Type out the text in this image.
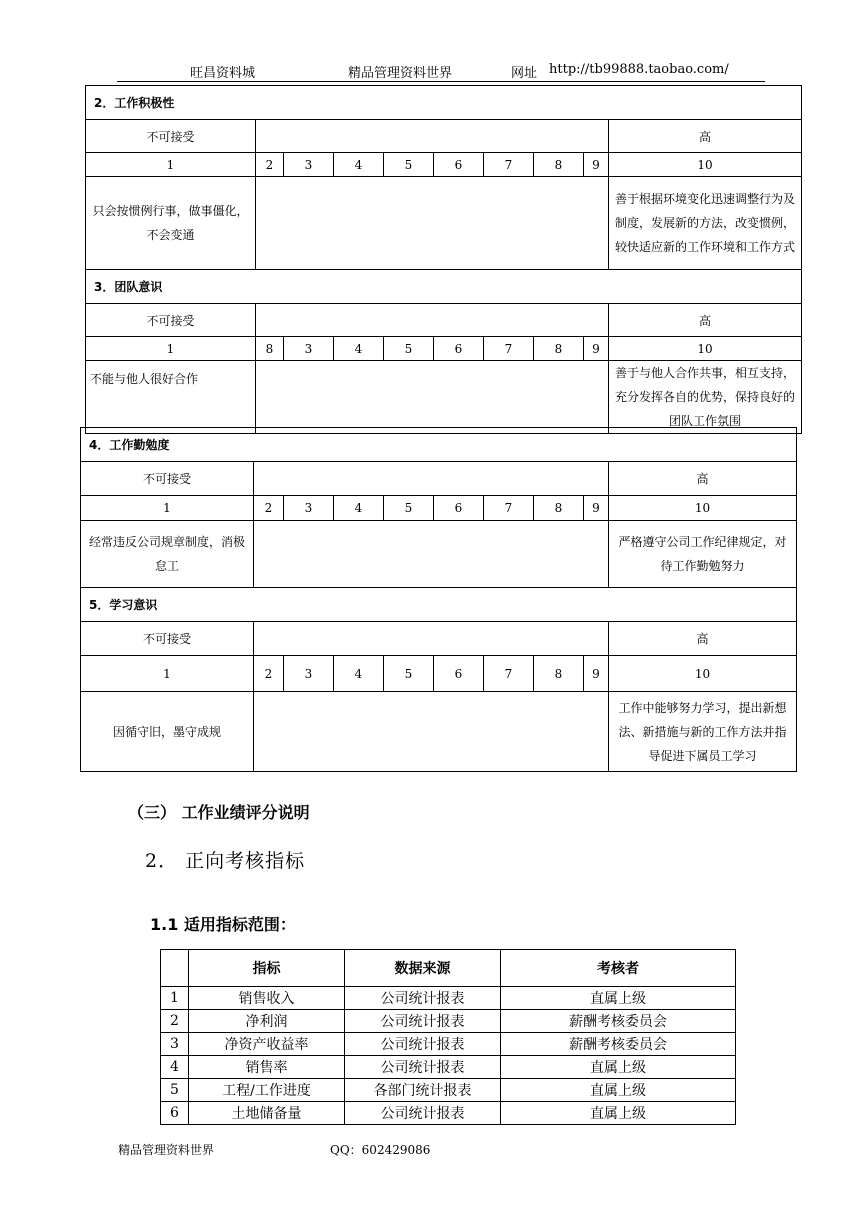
旺昌资料城	精品管理资料世界	网址 http://tb99888.taobao.com/
2．工作积极性									
不可接受									高
1	2	3	4	5	6	7	8	9	10
只会按惯例行事，做事僵化，不会变通									善于根据环境变化迅速调整行为及制度，发展新的方法，改变惯例，较快适应新的工作环境和工作方式
3．团队意识									
不可接受									高
1	8	3	4	5	6	7	8	9	10
不能与他人很好合作									善于与他人合作共事，相互支持，充分发挥各自的优势，保持良好的团队工作氛围
4．工作勤勉度									
不可接受									高
1	2	3	4	5	6	7	8	9	10
经常违反公司规章制度，消极怠工									严格遵守公司工作纪律规定，对待工作勤勉努力
5．学习意识									
不可接受									高
1	2	3	4	5	6	7	8	9	10
因循守旧，墨守成规									工作中能够努力学习，提出新想法、新措施与新的工作方法并指导促进下属员工学习
（三） 工作业绩评分说明
2． 正向考核指标
1.1 适用指标范围：
	指标	数据来源	考核者
1	销售收入	公司统计报表	直属上级
2	净利润	公司统计报表	薪酬考核委员会
3	净资产收益率	公司统计报表	薪酬考核委员会
4	销售率	公司统计报表	直属上级
5	工程/工作进度	各部门统计报表	直属上级
6	土地储备量	公司统计报表	直属上级
精品管理资料世界	QQ：602429086
